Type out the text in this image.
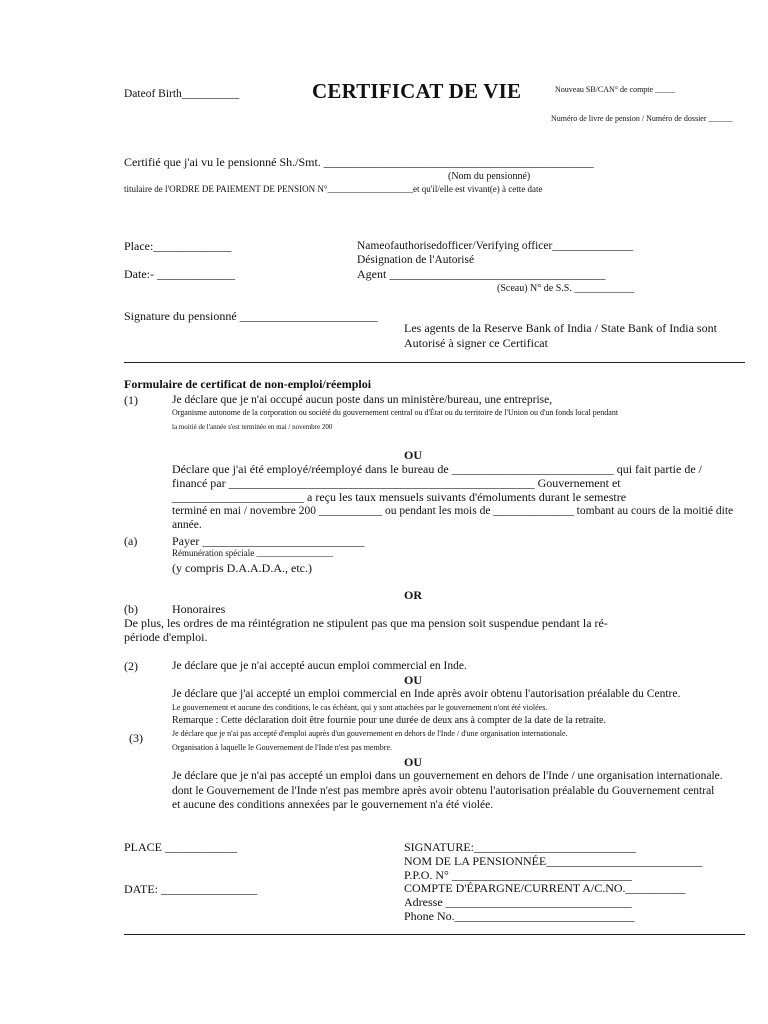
Dateof Birth__________	CERTIFICAT DE VIE	Nouveau SB/CAN° de compte _____
Numéro de livre de pension / Numéro de dossier ______
Certifié que j'ai vu le pensionné Sh./Smt. _____________________________________________
(Nom du pensionné)
titulaire de l'ORDRE DE PAIEMENT DE PENSION N°___________________et qu'il/elle est vivant(e) à cette date
Place:_____________
Date:- _____________
Nameofauthorisedofficer/Verifying officer______________
Désignation de l'Autorisé
Agent ____________________________________
(Sceau) N° de S.S. ____________
Signature du pensionné _______________________
Les agents de la Reserve Bank of India / State Bank of India sont
Autorisé à signer ce Certificat
Formulaire de certificat de non-emploi/réemploi
(1)	Je déclare que je n'ai occupé aucun poste dans un ministère/bureau, une entreprise,
Organisme autonome de la corporation ou société du gouvernement central ou d'État ou du territoire de l'Union ou d'un fonds local pendant
la moitié de l'année s'est terminée en mai / novembre 200
OU
Déclare que j'ai été employé/réemployé dans le bureau de ___________________________ qui fait partie de /
financé par ___________________________________________________ Gouvernement et
______________________ a reçu les taux mensuels suivants d'émoluments durant le semestre
terminé en mai / novembre 200 ___________ ou pendant les mois de ______________ tombant au cours de la moitié dite
année.
(a)	Payer ___________________________
Rémunération spéciale _________________
(y compris D.A.A.D.A., etc.)
OR
(b)	Honoraires
De plus, les ordres de ma réintégration ne stipulent pas que ma pension soit suspendue pendant la ré-
période d'emploi.
(2)	Je déclare que je n'ai accepté aucun emploi commercial en Inde.
OU
Je déclare que j'ai accepté un emploi commercial en Inde après avoir obtenu l'autorisation préalable du Centre.
Le gouvernement et aucune des conditions, le cas échéant, qui y sont attachées par le gouvernement n'ont été violées.
Remarque : Cette déclaration doit être fournie pour une durée de deux ans à compter de la date de la retraite.
(3)	Je déclare que je n'ai pas accepté d'emploi auprès d'un gouvernement en dehors de l'Inde / d'une organisation internationale.
Organisation à laquelle le Gouvernement de l'Inde n'est pas membre.
OU
Je déclare que je n'ai pas accepté un emploi dans un gouvernement en dehors de l'Inde / une organisation internationale.
dont le Gouvernement de l'Inde n'est pas membre après avoir obtenu l'autorisation préalable du Gouvernement central
et aucune des conditions annexées par le gouvernement n'a été violée.
PLACE ____________
DATE: ________________
SIGNATURE:___________________________
NOM DE LA PENSIONNÉE__________________________
P.P.O. N° ______________________________
COMPTE D'ÉPARGNE/CURRENT A/C.NO.__________
Adresse _______________________________
Phone No.______________________________
